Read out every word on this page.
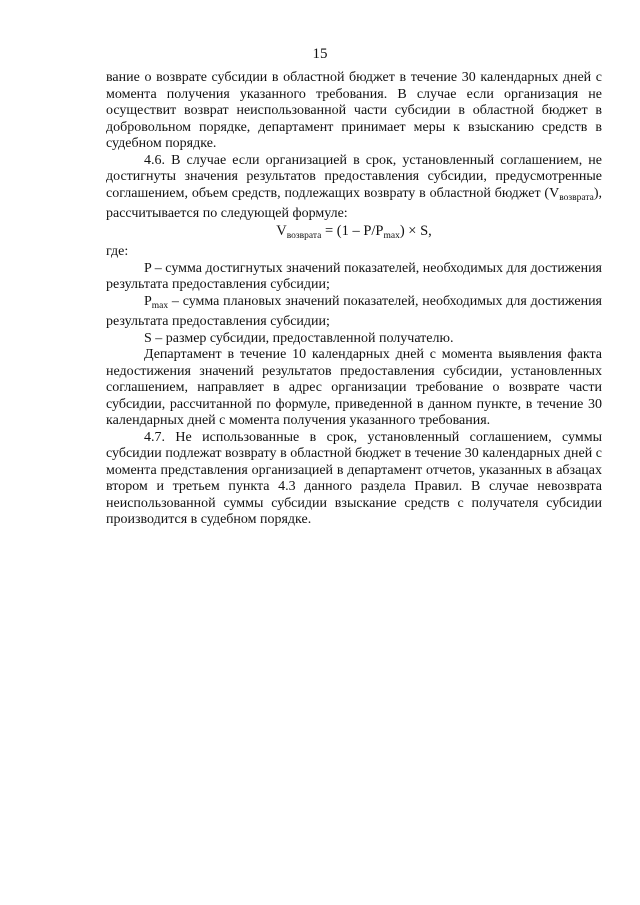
15

вание о возврате субсидии в областной бюджет в течение 30 календарных дней с момента получения указанного требования. В случае если организация не осуществит возврат неиспользованной части субсидии в областной бюджет в добровольном порядке, департамент принимает меры к взысканию средств в судебном порядке.

4.6. В случае если организацией в срок, установленный соглашением, не достигнуты значения результатов предоставления субсидии, предусмотренные соглашением, объем средств, подлежащих возврату в областной бюджет $(V_{возврата})$, рассчитывается по следующей формуле:

$V_{возврата} = (1 - P/P_{max}) \times S$,

где:

P – сумма достигнутых значений показателей, необходимых для достижения результата предоставления субсидии;

$P_{max}$ – сумма плановых значений показателей, необходимых для достижения результата предоставления субсидии;

S – размер субсидии, предоставленной получателю.

Департамент в течение 10 календарных дней с момента выявления факта недостижения значений результатов предоставления субсидии, установленных соглашением, направляет в адрес организации требование о возврате части субсидии, рассчитанной по формуле, приведенной в данном пункте, в течение 30 календарных дней с момента получения указанного требования.

4.7. Не использованные в срок, установленный соглашением, суммы субсидии подлежат возврату в областной бюджет в течение 30 календарных дней с момента представления организацией в департамент отчетов, указанных в абзацах втором и третьем пункта 4.3 данного раздела Правил. В случае невозврата неиспользованной суммы субсидии взыскание средств с получателя субсидии производится в судебном порядке.
